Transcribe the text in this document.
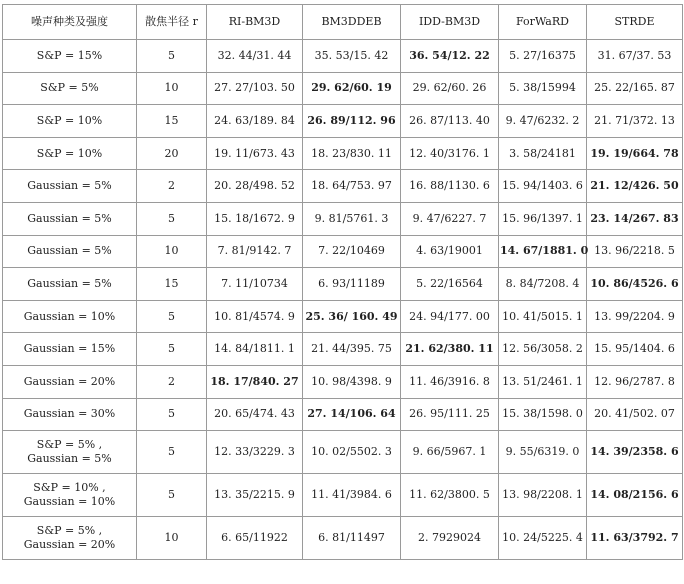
噪声种类及强度	散焦半径 r	RI-BM3D	BM3DDEB	IDD-BM3D	ForWaRD	STRDE

S&P = 15%	5	32. 44/31. 44	35. 53/15. 42	36. 54/12. 22	5. 27/16375	31. 67/37. 53

S&P = 5%	10	27. 27/103. 50	29. 62/60. 19	29. 62/60. 26	5. 38/15994	25. 22/165. 87

S&P = 10%	15	24. 63/189. 84	26. 89/112. 96	26. 87/113. 40	9. 47/6232. 2	21. 71/372. 13

S&P = 10%	20	19. 11/673. 43	18. 23/830. 11	12. 40/3176. 1	3. 58/24181	19. 19/664. 78

Gaussian = 5%	2	20. 28/498. 52	18. 64/753. 97	16. 88/1130. 6	15. 94/1403. 6	21. 12/426. 50

Gaussian = 5%	5	15. 18/1672. 9	9. 81/5761. 3	9. 47/6227. 7	15. 96/1397. 1	23. 14/267. 83

Gaussian = 5%	10	7. 81/9142. 7	7. 22/10469	4. 63/19001	14. 67/1881. 0	13. 96/2218. 5

Gaussian = 5%	15	7. 11/10734	6. 93/11189	5. 22/16564	8. 84/7208. 4	10. 86/4526. 6

Gaussian = 10%	5	10. 81/4574. 9	25. 36/ 160. 49	24. 94/177. 00	10. 41/5015. 1	13. 99/2204. 9

Gaussian = 15%	5	14. 84/1811. 1	21. 44/395. 75	21. 62/380. 11	12. 56/3058. 2	15. 95/1404. 6

Gaussian = 20%	2	18. 17/840. 27	10. 98/4398. 9	11. 46/3916. 8	13. 51/2461. 1	12. 96/2787. 8

Gaussian = 30%	5	20. 65/474. 43	27. 14/106. 64	26. 95/111. 25	15. 38/1598. 0	20. 41/502. 07

S&P = 5% ,
Gaussian = 5%	5	12. 33/3229. 3	10. 02/5502. 3	9. 66/5967. 1	9. 55/6319. 0	14. 39/2358. 6

S&P = 10% ,
Gaussian = 10%	5	13. 35/2215. 9	11. 41/3984. 6	11. 62/3800. 5	13. 98/2208. 1	14. 08/2156. 6

S&P = 5% ,
Gaussian = 20%	10	6. 65/11922	6. 81/11497	2. 7929024	10. 24/5225. 4	11. 63/3792. 7
